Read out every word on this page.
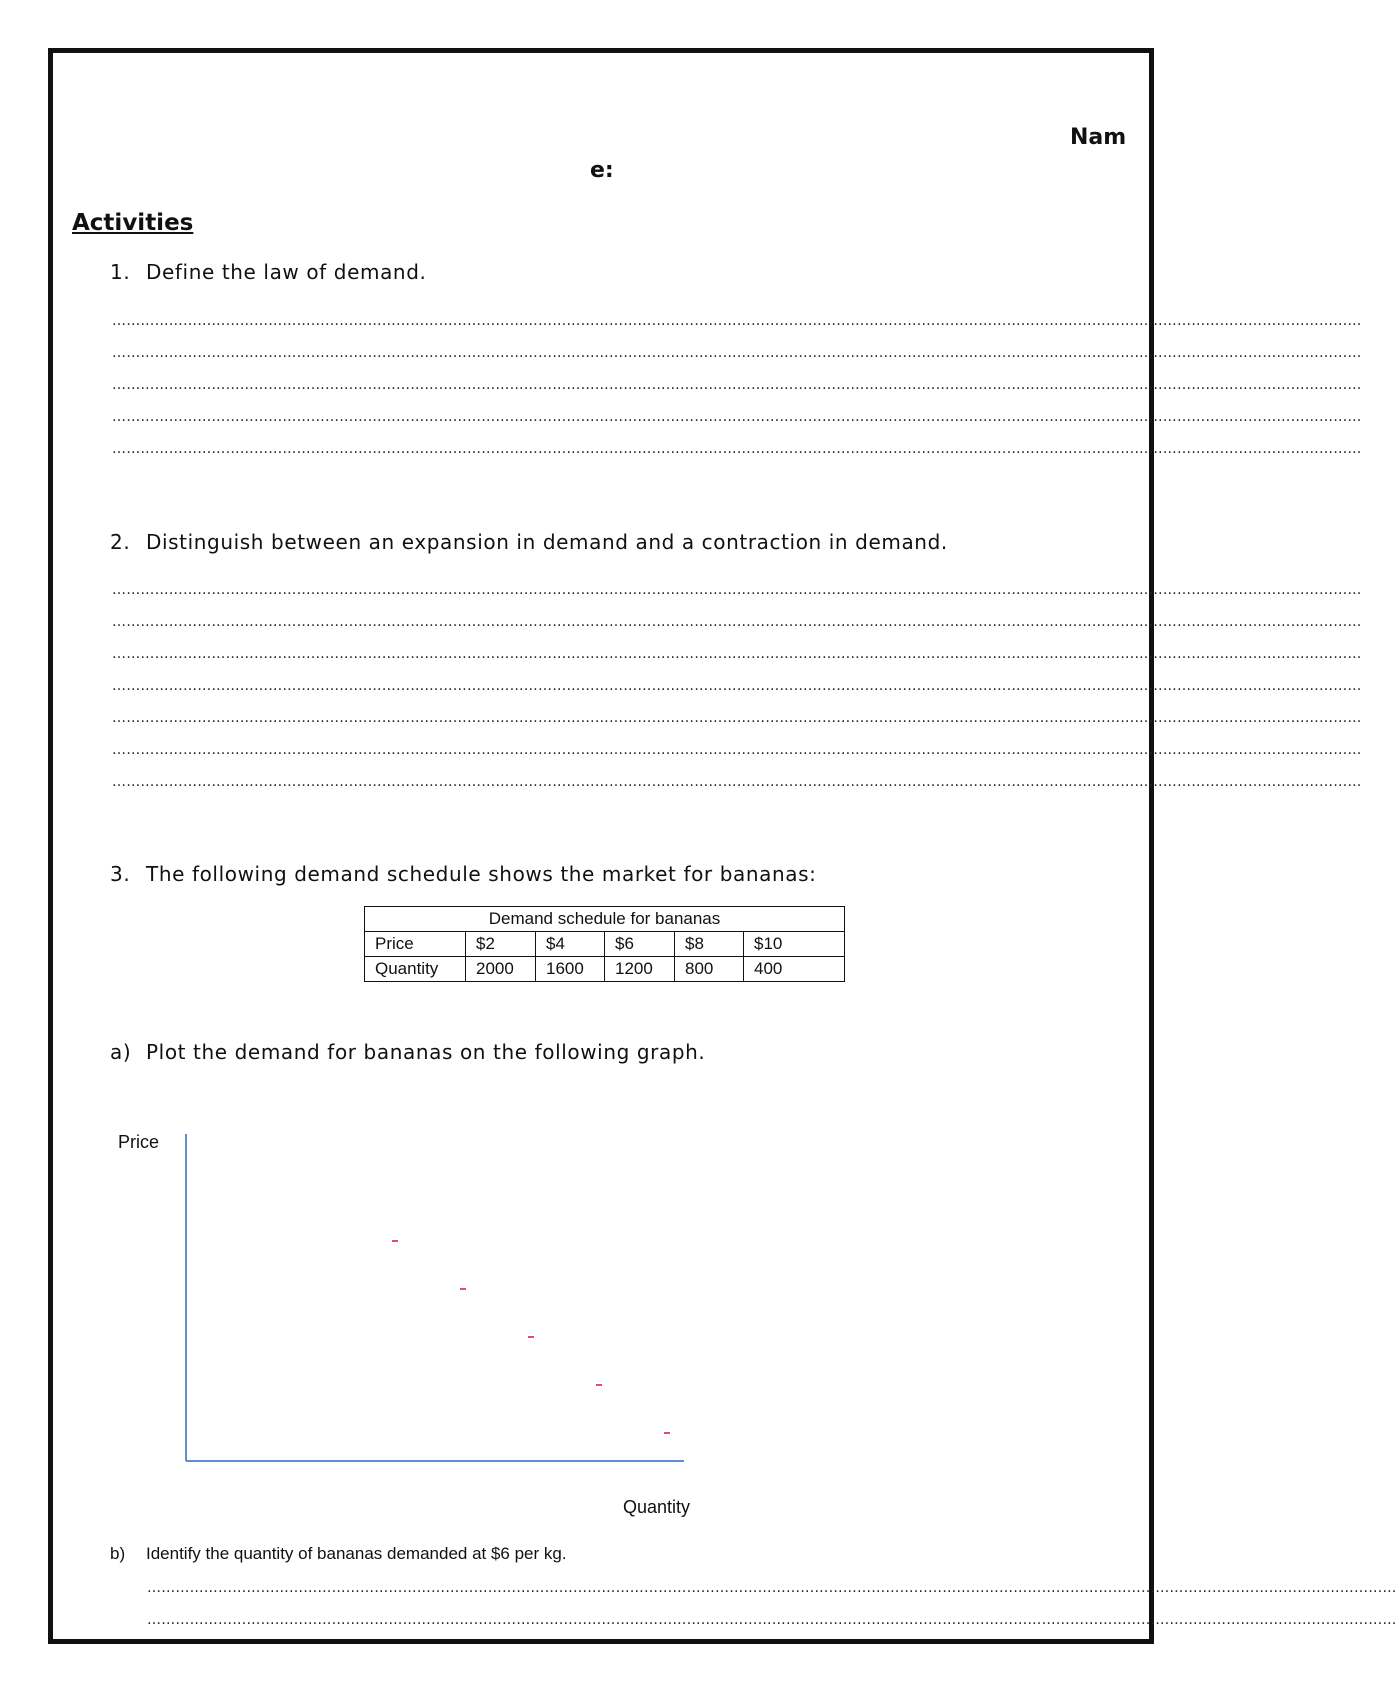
Nam
e:
Activities
1. Define the law of demand.
…………………………………………………………………………………………………………………………………………………………………………………………………………………………………………
…………………………………………………………………………………………………………………………………………………………………………………………………………………………………………
…………………………………………………………………………………………………………………………………………………………………………………………………………………………………………
…………………………………………………………………………………………………………………………………………………………………………………………………………………………………………
…………………………………………………………………………………………………………………………………………………………………………………………………………………………………………
2. Distinguish between an expansion in demand and a contraction in demand.
…………………………………………………………………………………………………………………………………………………………………………………………………………………………………………
…………………………………………………………………………………………………………………………………………………………………………………………………………………………………………
…………………………………………………………………………………………………………………………………………………………………………………………………………………………………………
…………………………………………………………………………………………………………………………………………………………………………………………………………………………………………
…………………………………………………………………………………………………………………………………………………………………………………………………………………………………………
…………………………………………………………………………………………………………………………………………………………………………………………………………………………………………
…………………………………………………………………………………………………………………………………………………………………………………………………………………………………………
3. The following demand schedule shows the market for bananas:
Demand schedule for bananas					
Price	$2	$4	$6	$8	$10
Quantity	2000	1600	1200	800	400
a) Plot the demand for bananas on the following graph.
Price
Quantity
b) Identify the quantity of bananas demanded at $6 per kg.
…………………………………………………………………………………………………………………………………………………………………………………………………………………………………………
…………………………………………………………………………………………………………………………………………………………………………………………………………………………………………
